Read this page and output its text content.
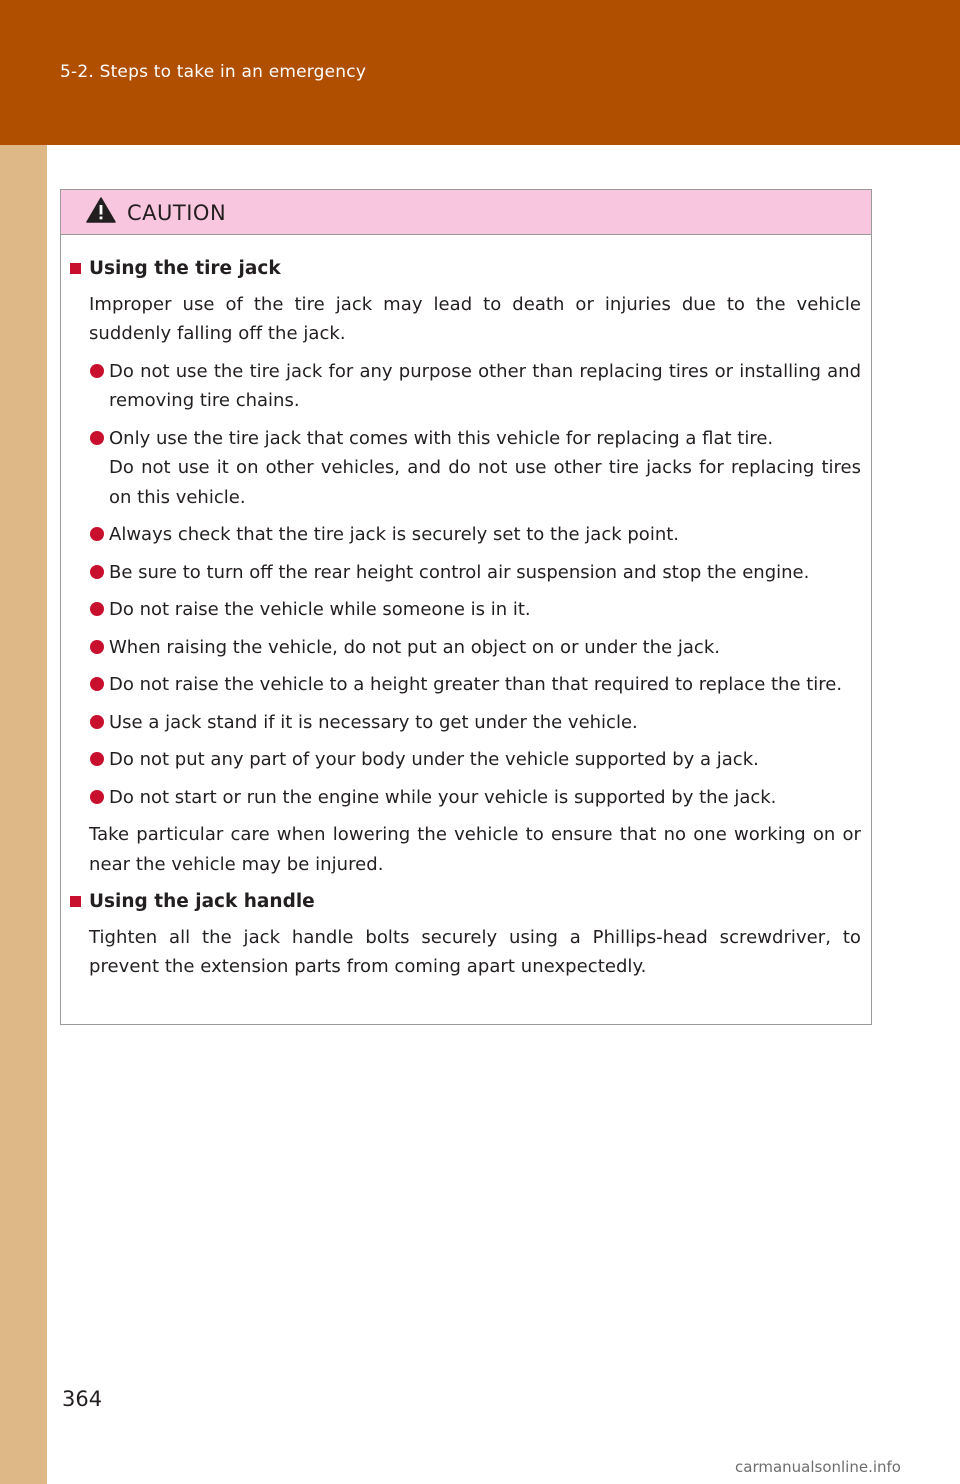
5-2. Steps to take in an emergency
CAUTION
Using the tire jack
Improper use of the tire jack may lead to death or injuries due to the vehicle suddenly falling off the jack.
Do not use the tire jack for any purpose other than replacing tires or installing and removing tire chains.
Only use the tire jack that comes with this vehicle for replacing a flat tire.
Do not use it on other vehicles, and do not use other tire jacks for replacing tires on this vehicle.
Always check that the tire jack is securely set to the jack point.
Be sure to turn off the rear height control air suspension and stop the engine.
Do not raise the vehicle while someone is in it.
When raising the vehicle, do not put an object on or under the jack.
Do not raise the vehicle to a height greater than that required to replace the tire.
Use a jack stand if it is necessary to get under the vehicle.
Do not put any part of your body under the vehicle supported by a jack.
Do not start or run the engine while your vehicle is supported by the jack.
Take particular care when lowering the vehicle to ensure that no one working on or near the vehicle may be injured.
Using the jack handle
Tighten all the jack handle bolts securely using a Phillips-head screwdriver, to prevent the extension parts from coming apart unexpectedly.
364
carmanualsonline.info
